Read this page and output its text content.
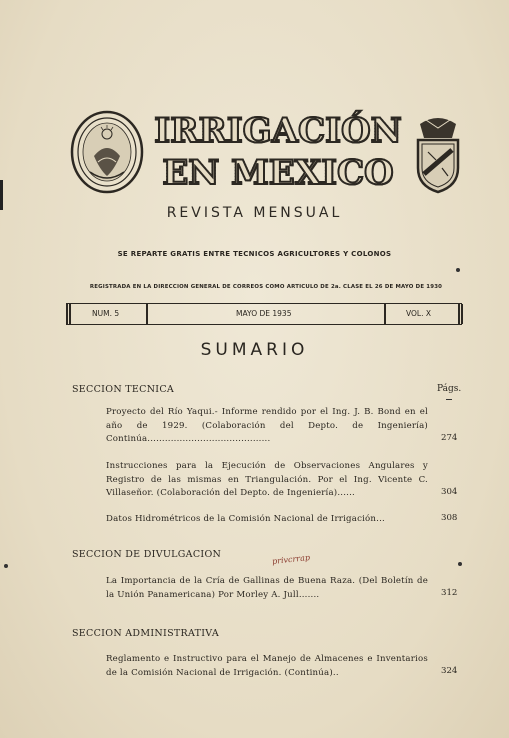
IRRIGACIÓN
EN MEXICO
REVISTA MENSUAL
SE REPARTE GRATIS ENTRE TECNICOS AGRICULTORES Y COLONOS
REGISTRADA EN LA DIRECCION GENERAL DE CORREOS COMO ARTICULO DE 2a. CLASE EL 26 DE MAYO DE 1930
NUM. 5	MAYO DE 1935	VOL. X
SUMARIO
SECCION TECNICA	Págs.
Proyecto del Río Yaqui.- Informe rendido por el Ing. J. B. Bond en el año de 1929. (Colaboración del Depto. de Ingeniería) Continúa..........................................	274
Instrucciones para la Ejecución de Observaciones Angulares y Registro de las mismas en Triangulación. Por el Ing. Vicente C. Villaseñor. (Colaboración del Depto. de Ingeniería)......	304
Datos Hidrométricos de la Comisión Nacional de Irrigación...	308
SECCION DE DIVULGACION	privcrrap
La Importancia de la Cría de Gallinas de Buena Raza. (Del Boletín de la Unión Panamericana) Por Morley A. Jull.......	312
SECCION ADMINISTRATIVA
Reglamento e Instructivo para el Manejo de Almacenes e Inventarios de la Comisión Nacional de Irrigación. (Continúa)..	324
